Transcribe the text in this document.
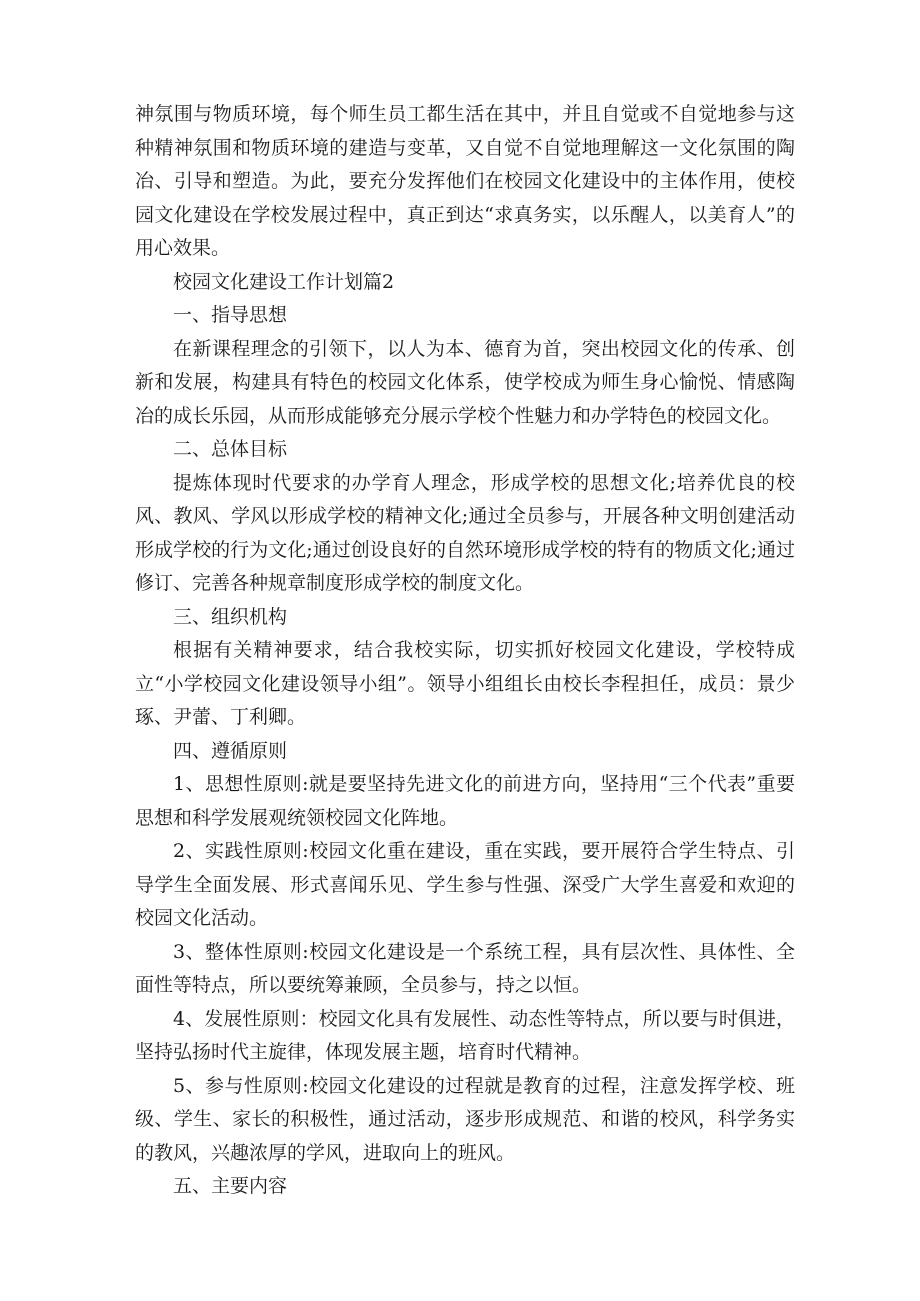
神氛围与物质环境，每个师生员工都生活在其中，并且自觉或不自觉地参与这种精神氛围和物质环境的建造与变革，又自觉不自觉地理解这一文化氛围的陶冶、引导和塑造。为此，要充分发挥他们在校园文化建设中的主体作用，使校园文化建设在学校发展过程中，真正到达“求真务实，以乐醒人，以美育人”的用心效果。

校园文化建设工作计划篇2

一、指导思想

在新课程理念的引领下，以人为本、德育为首，突出校园文化的传承、创新和发展，构建具有特色的校园文化体系，使学校成为师生身心愉悦、情感陶冶的成长乐园，从而形成能够充分展示学校个性魅力和办学特色的校园文化。

二、总体目标

提炼体现时代要求的办学育人理念，形成学校的思想文化;培养优良的校风、教风、学风以形成学校的精神文化;通过全员参与，开展各种文明创建活动形成学校的行为文化;通过创设良好的自然环境形成学校的特有的物质文化;通过修订、完善各种规章制度形成学校的制度文化。

三、组织机构

根据有关精神要求，结合我校实际，切实抓好校园文化建设，学校特成立“小学校园文化建设领导小组”。领导小组组长由校长李程担任，成员：景少琢、尹蕾、丁利卿。

四、遵循原则

1、思想性原则:就是要坚持先进文化的前进方向，坚持用“三个代表”重要思想和科学发展观统领校园文化阵地。

2、实践性原则:校园文化重在建设，重在实践，要开展符合学生特点、引导学生全面发展、形式喜闻乐见、学生参与性强、深受广大学生喜爱和欢迎的校园文化活动。

3、整体性原则:校园文化建设是一个系统工程，具有层次性、具体性、全面性等特点，所以要统筹兼顾，全员参与，持之以恒。

4、发展性原则：校园文化具有发展性、动态性等特点，所以要与时俱进，坚持弘扬时代主旋律，体现发展主题，培育时代精神。

5、参与性原则:校园文化建设的过程就是教育的过程，注意发挥学校、班级、学生、家长的积极性，通过活动，逐步形成规范、和谐的校风，科学务实的教风，兴趣浓厚的学风，进取向上的班风。

五、主要内容
